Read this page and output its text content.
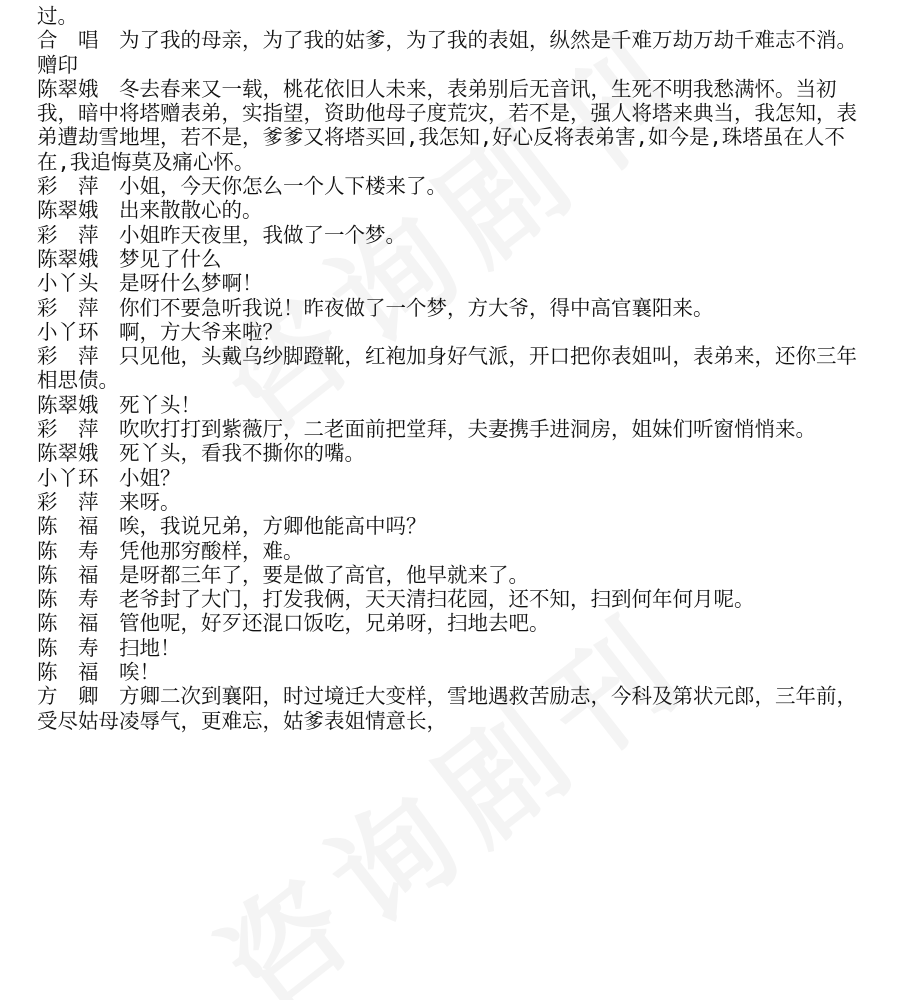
过。
合　唱　为了我的母亲，为了我的姑爹，为了我的表姐，纵然是千难万劫万劫千难志不消。
赠印
陈翠娥　冬去春来又一载，桃花依旧人未来，表弟别后无音讯，生死不明我愁满怀。当初我，暗中将塔赠表弟，实指望，资助他母子度荒灾，若不是，强人将塔来典当，我怎知，表弟遭劫雪地埋，若不是，爹爹又将塔买回,我怎知,好心反将表弟害,如今是,珠塔虽在人不
在,我追悔莫及痛心怀。
彩　萍　小姐，今天你怎么一个人下楼来了。
陈翠娥　出来散散心的。
彩　萍　小姐昨天夜里，我做了一个梦。
陈翠娥　梦见了什么
小丫头　是呀什么梦啊！
彩　萍　你们不要急听我说！昨夜做了一个梦，方大爷，得中高官襄阳来。
小丫环　啊，方大爷来啦？
彩　萍　只见他，头戴乌纱脚蹬靴，红袍加身好气派，开口把你表姐叫，表弟来，还你三年相思债。
陈翠娥　死丫头！
彩　萍　吹吹打打到紫薇厅，二老面前把堂拜，夫妻携手进洞房，姐妹们听窗悄悄来。
陈翠娥　死丫头，看我不撕你的嘴。
小丫环　小姐？
彩　萍　来呀。
陈　福　唉，我说兄弟，方卿他能高中吗？
陈　寿　凭他那穷酸样，难。
陈　福　是呀都三年了，要是做了高官，他早就来了。
陈　寿　老爷封了大门，打发我俩，天天清扫花园，还不知，扫到何年何月呢。
陈　福　管他呢，好歹还混口饭吃，兄弟呀，扫地去吧。
陈　寿　扫地！
陈　福　唉！
方　卿　方卿二次到襄阳，时过境迁大变样，雪地遇救苦励志，今科及第状元郎，三年前，受尽姑母凌辱气，更难忘，姑爹表姐情意长，
